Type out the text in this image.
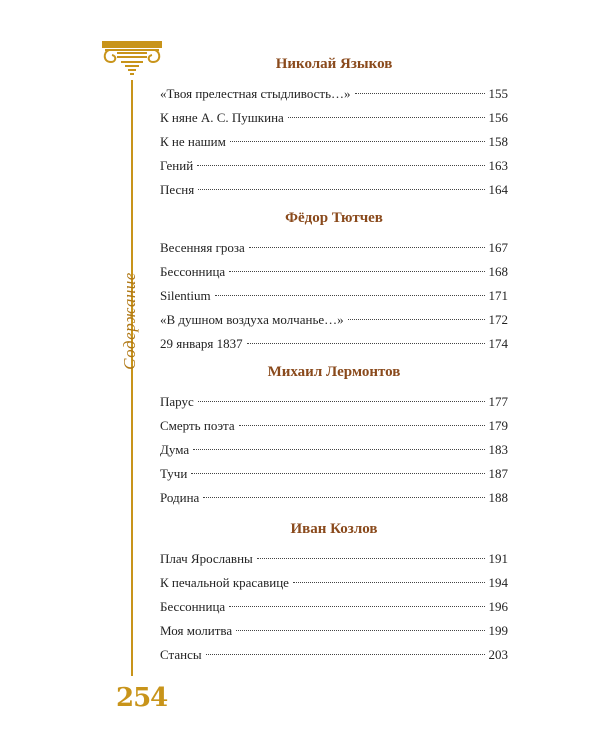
Содержание
254
Николай Языков
«Твоя прелестная стыдливость…»	155
К няне А. С. Пушкина	156
К не нашим	158
Гений	163
Песня	164
Фёдор Тютчев
Весенняя гроза	167
Бессонница	168
Silentium	171
«В душном воздуха молчанье…»	172
29 января 1837	174
Михаил Лермонтов
Парус	177
Смерть поэта	179
Дума	183
Тучи	187
Родина	188
Иван Козлов
Плач Ярославны	191
К печальной красавице	194
Бессонница	196
Моя молитва	199
Стансы	203
